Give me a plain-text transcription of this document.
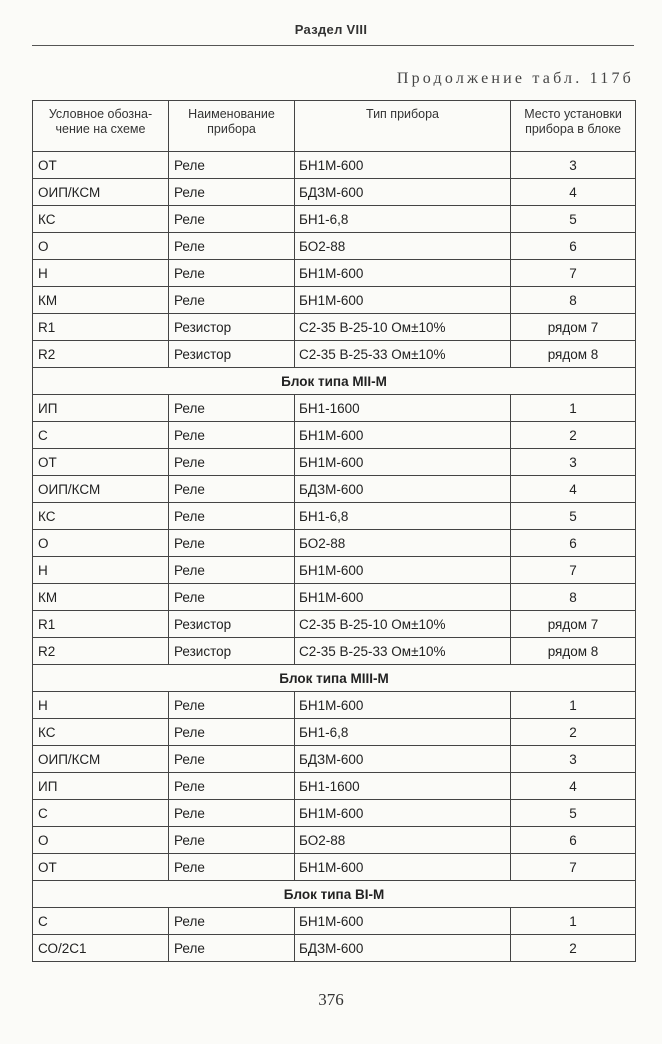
Раздел VIII
Продолжение табл. 117б
Условное обозна- чение на схеме	Наименование прибора	Тип прибора	Место установки прибора в блоке
ОТ	Реле	БН1М-600	3
ОИП/КСМ	Реле	БДЗМ-600	4
КС	Реле	БН1-6,8	5
О	Реле	БО2-88	6
Н	Реле	БН1М-600	7
КМ	Реле	БН1М-600	8
R1	Резистор	С2-35 В-25-10 Ом±10%	рядом 7
R2	Резистор	С2-35 В-25-33 Ом±10%	рядом 8
Блок типа МII-М			
ИП	Реле	БН1-1600	1
С	Реле	БН1М-600	2
ОТ	Реле	БН1М-600	3
ОИП/КСМ	Реле	БДЗМ-600	4
КС	Реле	БН1-6,8	5
О	Реле	БО2-88	6
Н	Реле	БН1М-600	7
КМ	Реле	БН1М-600	8
R1	Резистор	С2-35 В-25-10 Ом±10%	рядом 7
R2	Резистор	С2-35 В-25-33 Ом±10%	рядом 8
Блок типа МIII-М			
Н	Реле	БН1М-600	1
КС	Реле	БН1-6,8	2
ОИП/КСМ	Реле	БДЗМ-600	3
ИП	Реле	БН1-1600	4
С	Реле	БН1М-600	5
О	Реле	БО2-88	6
ОТ	Реле	БН1М-600	7
Блок типа ВI-М			
С	Реле	БН1М-600	1
СО/2С1	Реле	БДЗМ-600	2
376
